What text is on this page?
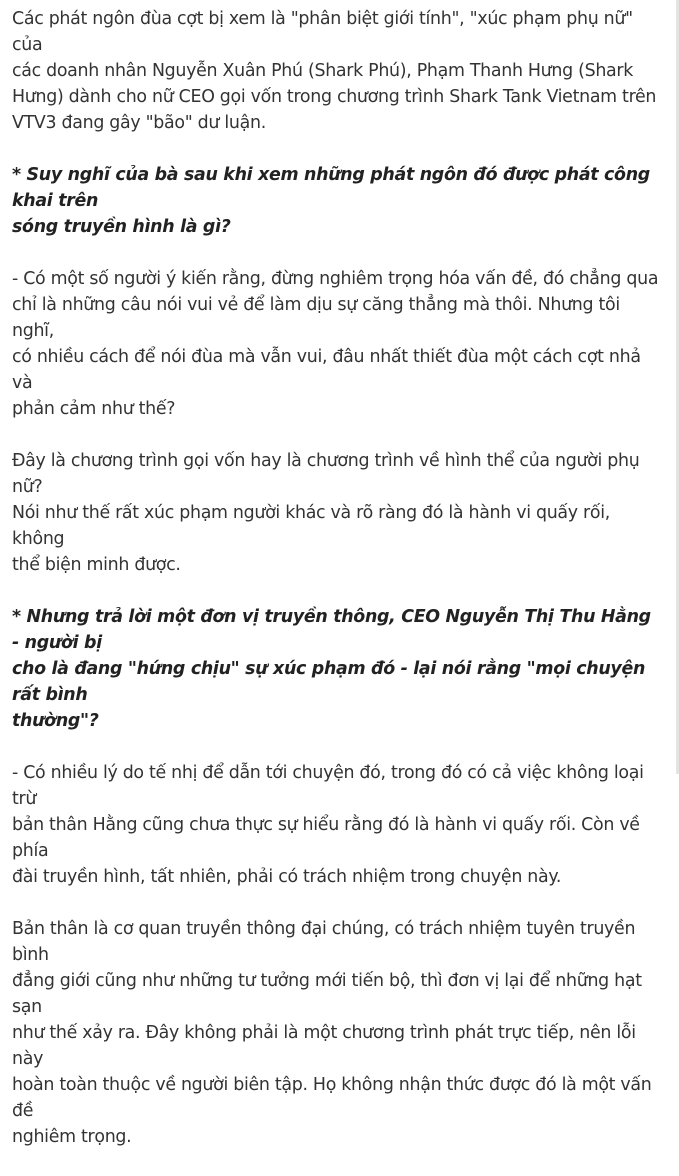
Các phát ngôn đùa cợt bị xem là "phân biệt giới tính", "xúc phạm phụ nữ" của
các doanh nhân Nguyễn Xuân Phú (Shark Phú), Phạm Thanh Hưng (Shark
Hưng) dành cho nữ CEO gọi vốn trong chương trình Shark Tank Vietnam trên
VTV3 đang gây "bão" dư luận.

* Suy nghĩ của bà sau khi xem những phát ngôn đó được phát công khai trên
sóng truyền hình là gì?

- Có một số người ý kiến rằng, đừng nghiêm trọng hóa vấn đề, đó chẳng qua
chỉ là những câu nói vui vẻ để làm dịu sự căng thẳng mà thôi. Nhưng tôi nghĩ,
có nhiều cách để nói đùa mà vẫn vui, đâu nhất thiết đùa một cách cợt nhả và
phản cảm như thế?

Đây là chương trình gọi vốn hay là chương trình về hình thể của người phụ nữ?
Nói như thế rất xúc phạm người khác và rõ ràng đó là hành vi quấy rối, không
thể biện minh được.

* Nhưng trả lời một đơn vị truyền thông, CEO Nguyễn Thị Thu Hằng - người bị
cho là đang "hứng chịu" sự xúc phạm đó - lại nói rằng "mọi chuyện rất bình
thường"?

- Có nhiều lý do tế nhị để dẫn tới chuyện đó, trong đó có cả việc không loại trừ
bản thân Hằng cũng chưa thực sự hiểu rằng đó là hành vi quấy rối. Còn về phía
đài truyền hình, tất nhiên, phải có trách nhiệm trong chuyện này.

Bản thân là cơ quan truyền thông đại chúng, có trách nhiệm tuyên truyền bình
đẳng giới cũng như những tư tưởng mới tiến bộ, thì đơn vị lại để những hạt sạn
như thế xảy ra. Đây không phải là một chương trình phát trực tiếp, nên lỗi này
hoàn toàn thuộc về người biên tập. Họ không nhận thức được đó là một vấn đề
nghiêm trọng.
